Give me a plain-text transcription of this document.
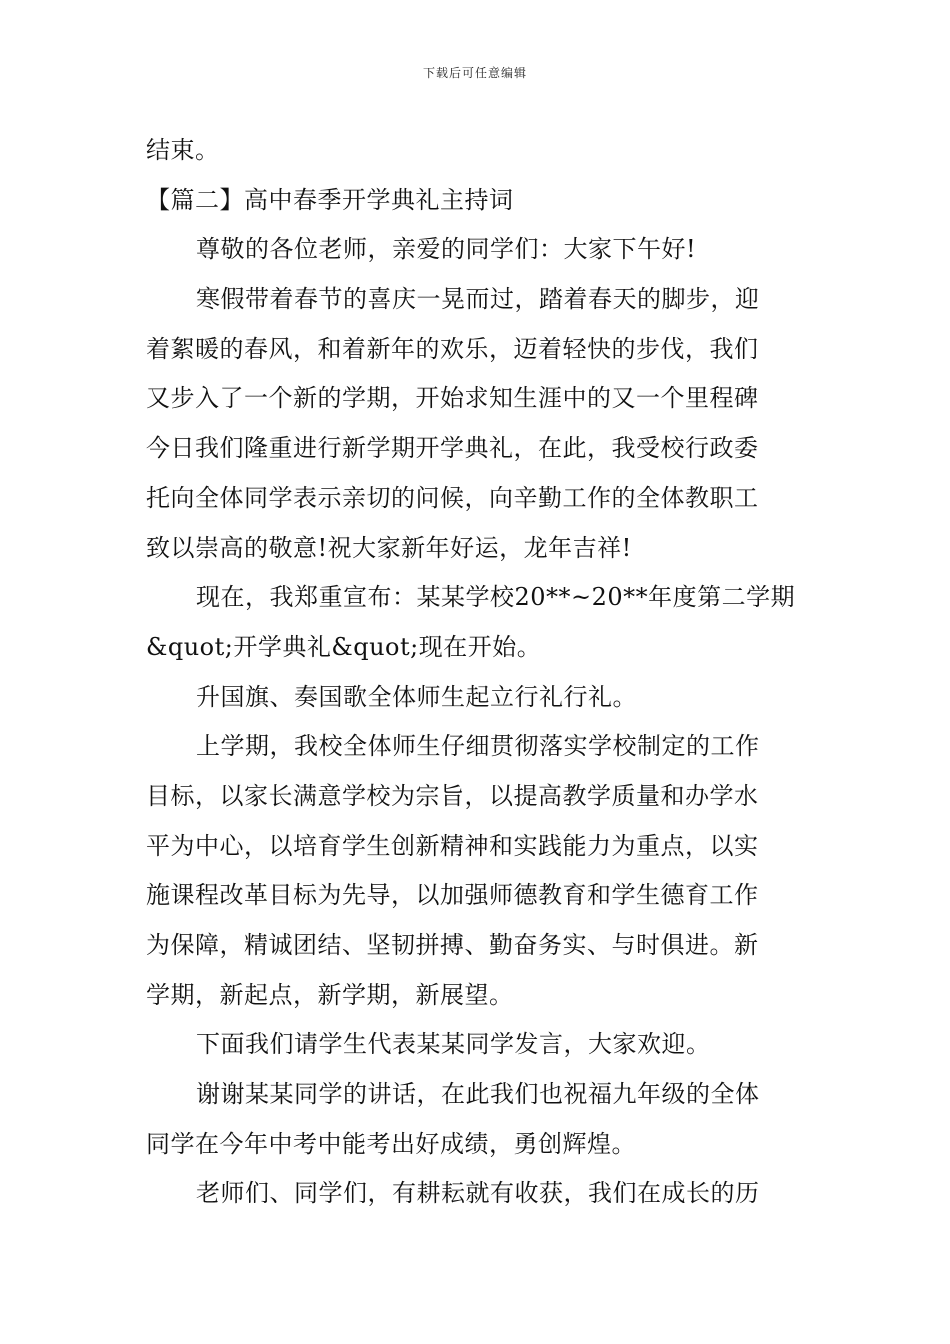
下载后可任意编辑
结束。
【篇二】高中春季开学典礼主持词
尊敬的各位老师，亲爱的同学们：大家下午好!
寒假带着春节的喜庆一晃而过，踏着春天的脚步，迎
着絮暖的春风，和着新年的欢乐，迈着轻快的步伐，我们
又步入了一个新的学期，开始求知生涯中的又一个里程碑
今日我们隆重进行新学期开学典礼，在此，我受校行政委
托向全体同学表示亲切的问候，向辛勤工作的全体教职工
致以崇高的敬意!祝大家新年好运，龙年吉祥!
现在，我郑重宣布：某某学校20**~20**年度第二学期
&quot;开学典礼&quot;现在开始。
升国旗、奏国歌全体师生起立行礼行礼。
上学期，我校全体师生仔细贯彻落实学校制定的工作
目标，以家长满意学校为宗旨，以提高教学质量和办学水
平为中心，以培育学生创新精神和实践能力为重点，以实
施课程改革目标为先导，以加强师德教育和学生德育工作
为保障，精诚团结、坚韧拼搏、勤奋务实、与时俱进。新
学期，新起点，新学期，新展望。
下面我们请学生代表某某同学发言，大家欢迎。
谢谢某某同学的讲话，在此我们也祝福九年级的全体
同学在今年中考中能考出好成绩，勇创辉煌。
老师们、同学们，有耕耘就有收获，我们在成长的历
